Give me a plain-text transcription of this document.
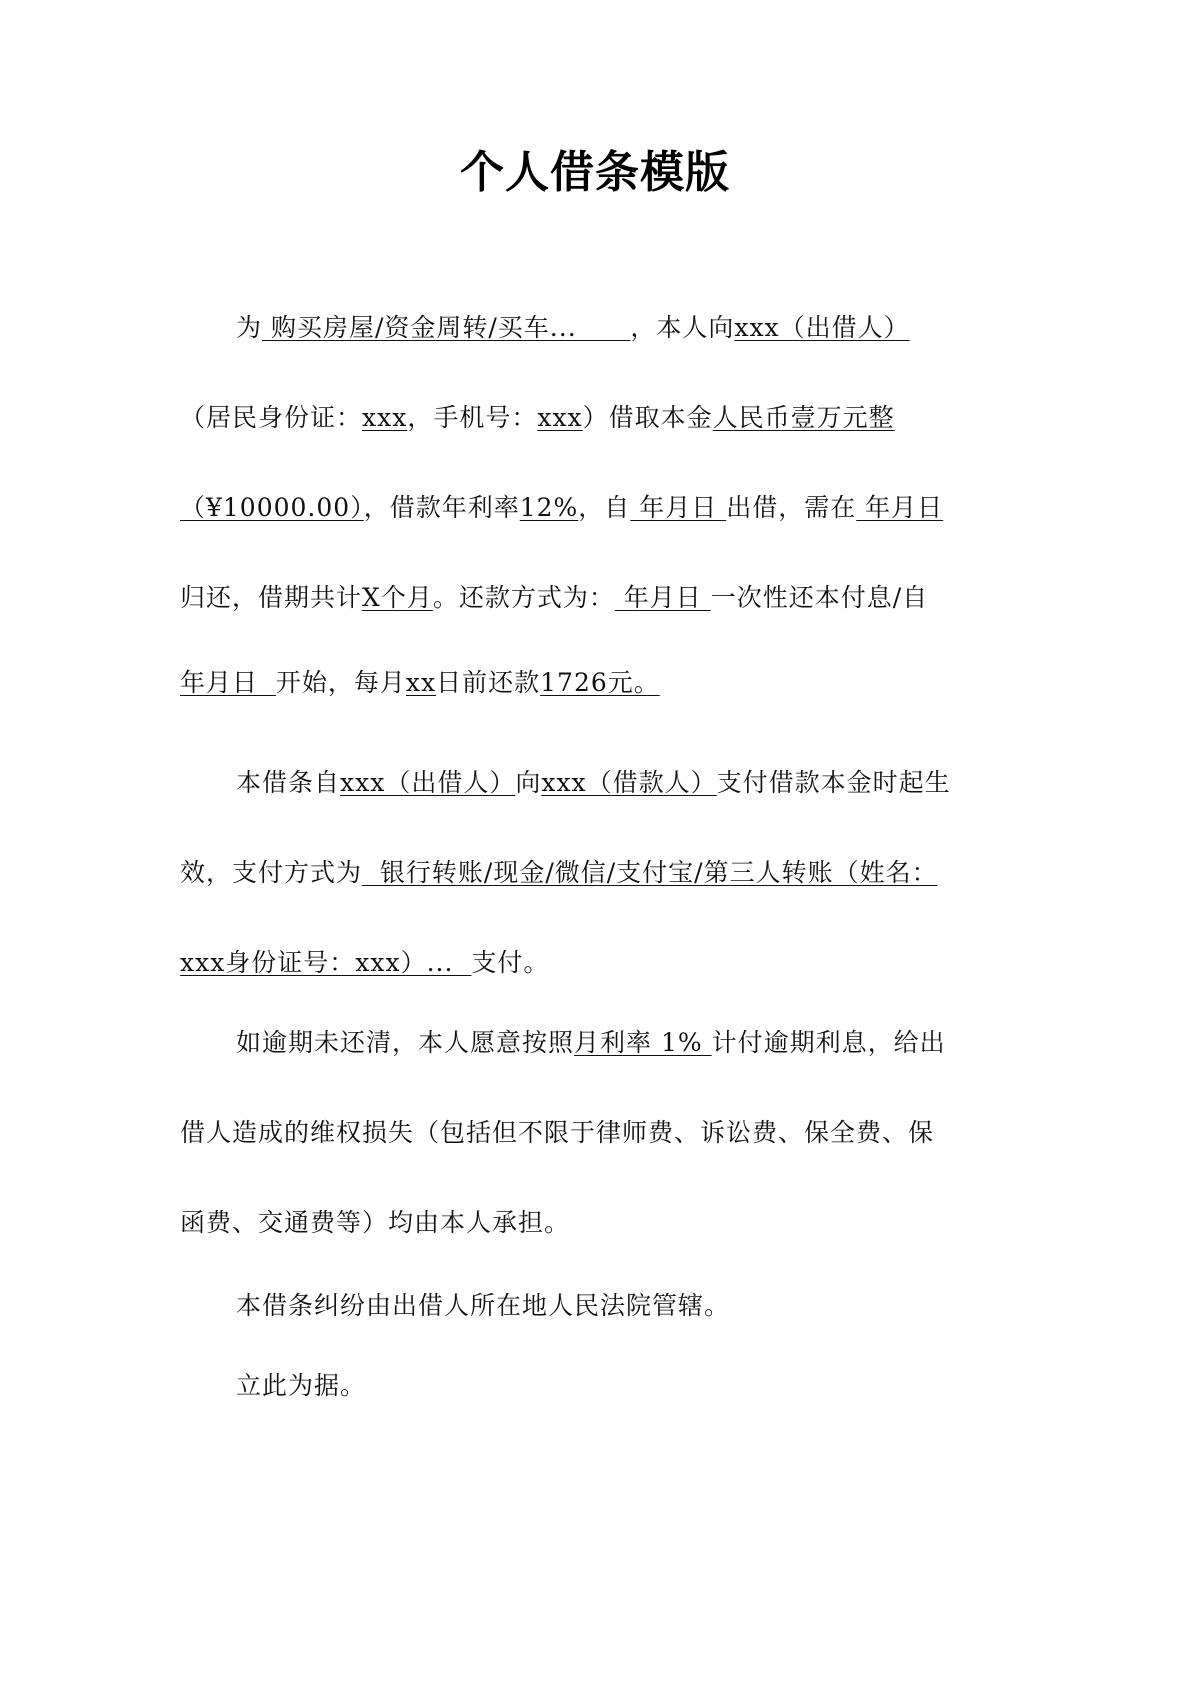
个人借条模版
为 购买房屋/资金周转/买车...      ，本人向xxx（出借人）
（居民身份证：xxx，手机号：xxx）借取本金人民币壹万元整
（¥10000.00），借款年利率12%，自 年月日 出借，需在 年月日
归还，借期共计X个月。还款方式为： 年月日 一次性还本付息/自
年月日  开始，每月xx日前还款1726元。
本借条自xxx（出借人）向xxx（借款人）支付借款本金时起生
效，支付方式为  银行转账/现金/微信/支付宝/第三人转账（姓名：
xxx身份证号：xxx）...  支付。
如逾期未还清，本人愿意按照月利率 1% 计付逾期利息，给出
借人造成的维权损失（包括但不限于律师费、诉讼费、保全费、保
函费、交通费等）均由本人承担。
本借条纠纷由出借人所在地人民法院管辖。
立此为据。
